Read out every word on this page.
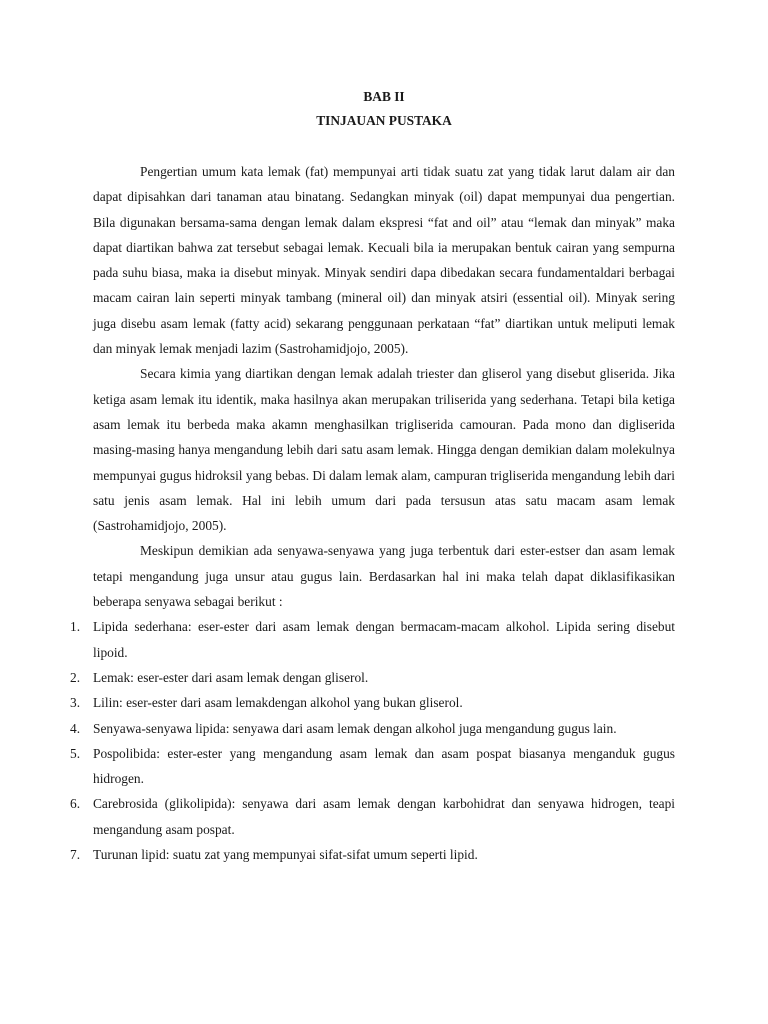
BAB II
TINJAUAN PUSTAKA

Pengertian umum kata lemak (fat) mempunyai arti tidak suatu zat yang tidak larut dalam air dan dapat dipisahkan dari tanaman atau binatang. Sedangkan minyak (oil) dapat mempunyai dua pengertian. Bila digunakan bersama-sama dengan lemak dalam ekspresi “fat and oil” atau “lemak dan minyak” maka dapat diartikan bahwa zat tersebut sebagai lemak. Kecuali bila ia merupakan bentuk cairan yang sempurna pada suhu biasa, maka ia disebut minyak. Minyak sendiri dapa dibedakan secara fundamentaldari berbagai macam cairan lain seperti minyak tambang (mineral oil) dan minyak atsiri (essential oil). Minyak sering juga disebu asam lemak (fatty acid) sekarang penggunaan perkataan “fat” diartikan untuk meliputi lemak dan minyak lemak menjadi lazim (Sastrohamidjojo, 2005).

Secara kimia yang diartikan dengan lemak adalah triester dan gliserol yang disebut gliserida. Jika ketiga asam lemak itu identik, maka hasilnya akan merupakan triliserida yang sederhana. Tetapi bila ketiga asam lemak itu berbeda maka akamn menghasilkan trigliserida camouran. Pada mono dan digliserida masing-masing hanya mengandung lebih dari satu asam lemak. Hingga dengan demikian dalam molekulnya mempunyai gugus hidroksil yang bebas. Di dalam lemak alam, campuran trigliserida mengandung lebih dari satu jenis asam lemak. Hal ini lebih umum dari pada tersusun atas satu macam asam lemak (Sastrohamidjojo, 2005).

Meskipun demikian ada senyawa-senyawa yang juga terbentuk dari ester-estser dan asam lemak tetapi mengandung juga unsur atau gugus lain. Berdasarkan hal ini maka telah dapat diklasifikasikan beberapa senyawa sebagai berikut :

1. Lipida sederhana: eser-ester dari asam lemak dengan bermacam-macam alkohol. Lipida sering disebut lipoid.
2. Lemak: eser-ester dari asam lemak dengan gliserol.
3. Lilin: eser-ester dari asam lemakdengan alkohol yang bukan gliserol.
4. Senyawa-senyawa lipida: senyawa dari asam lemak dengan alkohol juga mengandung gugus lain.
5. Pospolibida: ester-ester yang mengandung asam lemak dan asam pospat biasanya menganduk gugus hidrogen.
6. Carebrosida (glikolipida): senyawa dari asam lemak dengan karbohidrat dan senyawa hidrogen, teapi mengandung asam pospat.
7. Turunan lipid: suatu zat yang mempunyai sifat-sifat umum seperti lipid.
